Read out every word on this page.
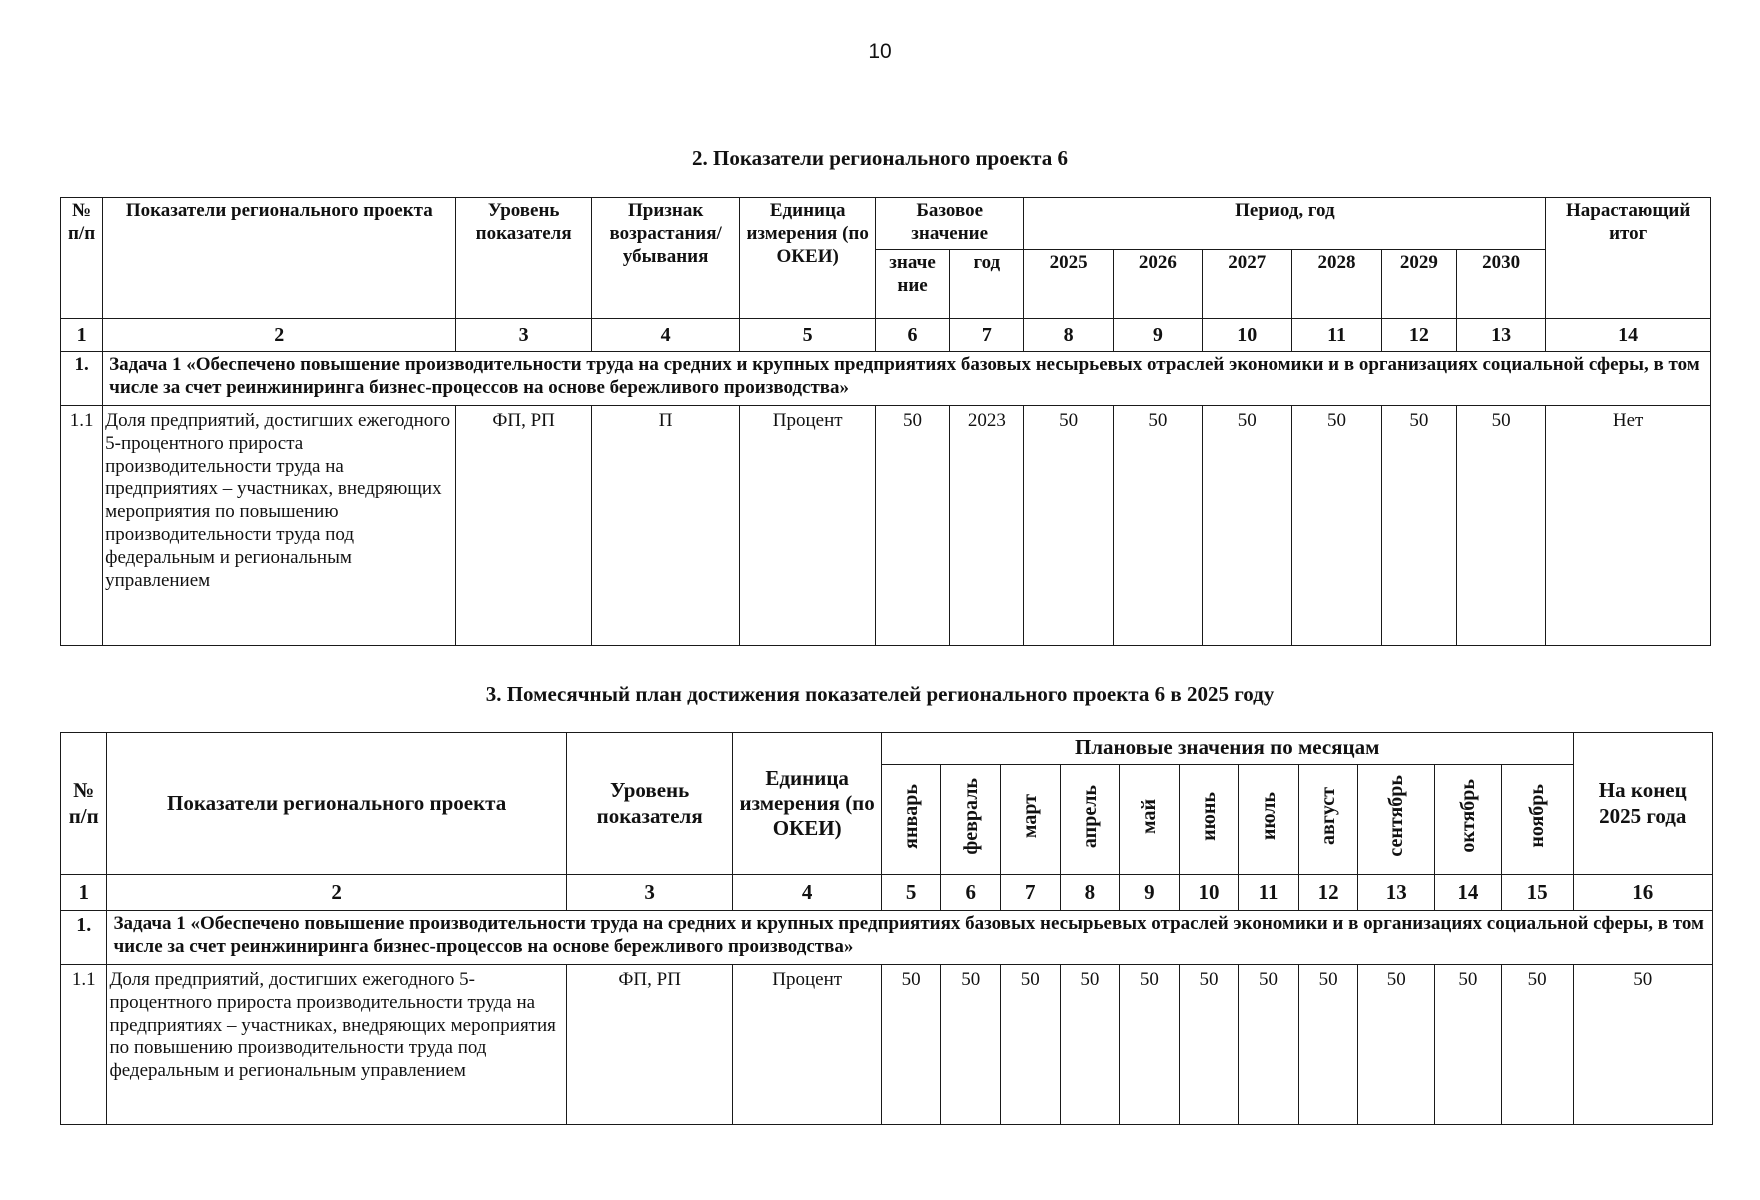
10
2. Показатели регионального проекта 6
№ п/п	Показатели регионального проекта	Уровень показателя	Признак возрастания/ убывания	Единица измерения (по ОКЕИ)	Базовое значение		Период, год						Нарастающий итог
					значе ние	год	2025	2026	2027	2028	2029	2030	
1	2	3	4	5	6	7	8	9	10	11	12	13	14
1.	Задача 1 «Обеспечено повышение производительности труда на средних и крупных предприятиях базовых несырьевых отраслей экономики и в организациях социальной сферы, в том числе за счет реинжиниринга бизнес-процессов на основе бережливого производства»												
1.1	Доля предприятий, достигших ежегодного 5-процентного прироста производительности труда на предприятиях – участниках, внедряющих мероприятия по повышению производительности труда под федеральным и региональным управлением	ФП, РП	П	Процент	50	2023	50	50	50	50	50	50	Нет
3. Помесячный план достижения показателей регионального проекта 6 в 2025 году
№ п/п	Показатели регионального проекта	Уровень показателя	Единица измерения (по ОКЕИ)	Плановые значения по месяцам											На конец 2025 года
				январь	февраль	март	апрель	май	июнь	июль	август	сентябрь	октябрь	ноябрь	
1	2	3	4	5	6	7	8	9	10	11	12	13	14	15	16
1.	Задача 1 «Обеспечено повышение производительности труда на средних и крупных предприятиях базовых несырьевых отраслей экономики и в организациях социальной сферы, в том числе за счет реинжиниринга бизнес-процессов на основе бережливого производства»														
1.1	Доля предприятий, достигших ежегодного 5-процентного прироста производительности труда на предприятиях – участниках, внедряющих мероприятия по повышению производительности труда под федеральным и региональным управлением	ФП, РП	Процент	50	50	50	50	50	50	50	50	50	50	50	50
